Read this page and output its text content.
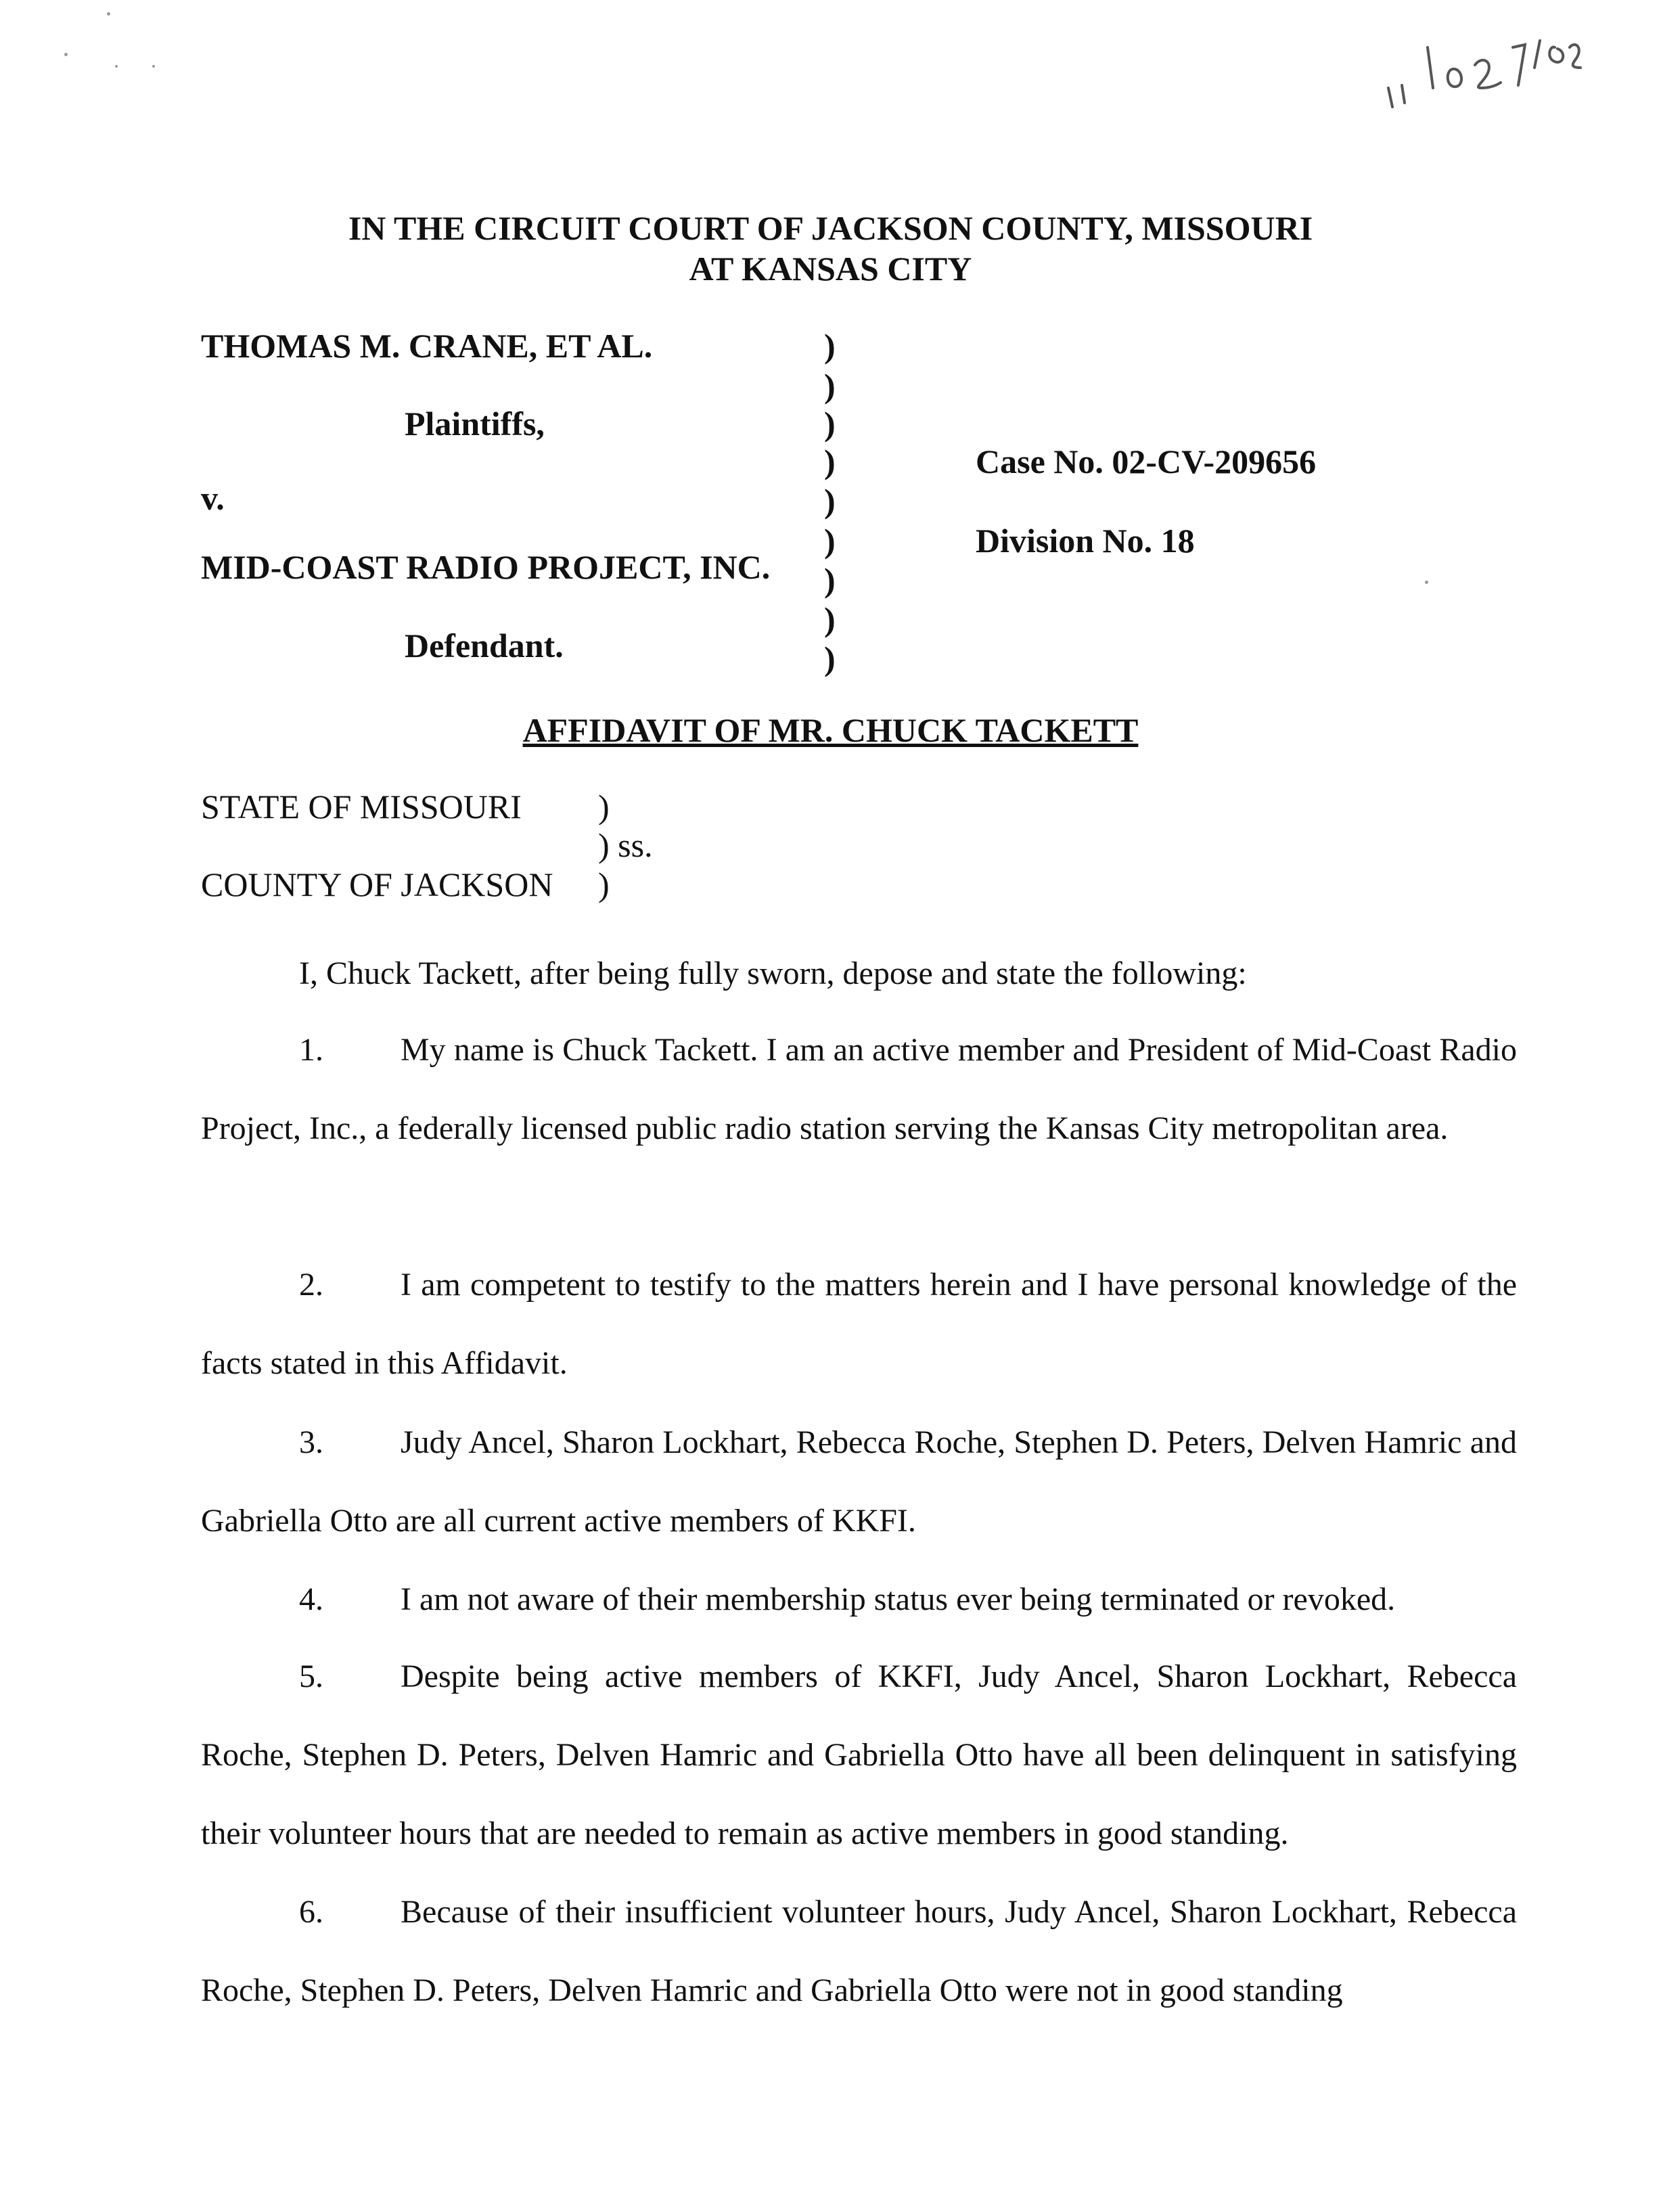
IN THE CIRCUIT COURT OF JACKSON COUNTY, MISSOURI
AT KANSAS CITY
THOMAS M. CRANE, ET AL.
Plaintiffs,
v.
MID-COAST RADIO PROJECT, INC.
Defendant.
)
)
)
)
)
)
)
)
)
Case No. 02-CV-209656
Division No. 18
AFFIDAVIT OF MR. CHUCK TACKETT
STATE OF MISSOURI )
) ss.
COUNTY OF JACKSON )
I, Chuck Tackett, after being fully sworn, depose and state the following:
1. My name is Chuck Tackett. I am an active member and President of Mid-Coast Radio Project, Inc., a federally licensed public radio station serving the Kansas City metropolitan area.
2. I am competent to testify to the matters herein and I have personal knowledge of the facts stated in this Affidavit.
3. Judy Ancel, Sharon Lockhart, Rebecca Roche, Stephen D. Peters, Delven Hamric and Gabriella Otto are all current active members of KKFI.
4. I am not aware of their membership status ever being terminated or revoked.
5. Despite being active members of KKFI, Judy Ancel, Sharon Lockhart, Rebecca Roche, Stephen D. Peters, Delven Hamric and Gabriella Otto have all been delinquent in satisfying their volunteer hours that are needed to remain as active members in good standing.
6. Because of their insufficient volunteer hours, Judy Ancel, Sharon Lockhart, Rebecca Roche, Stephen D. Peters, Delven Hamric and Gabriella Otto were not in good standing
